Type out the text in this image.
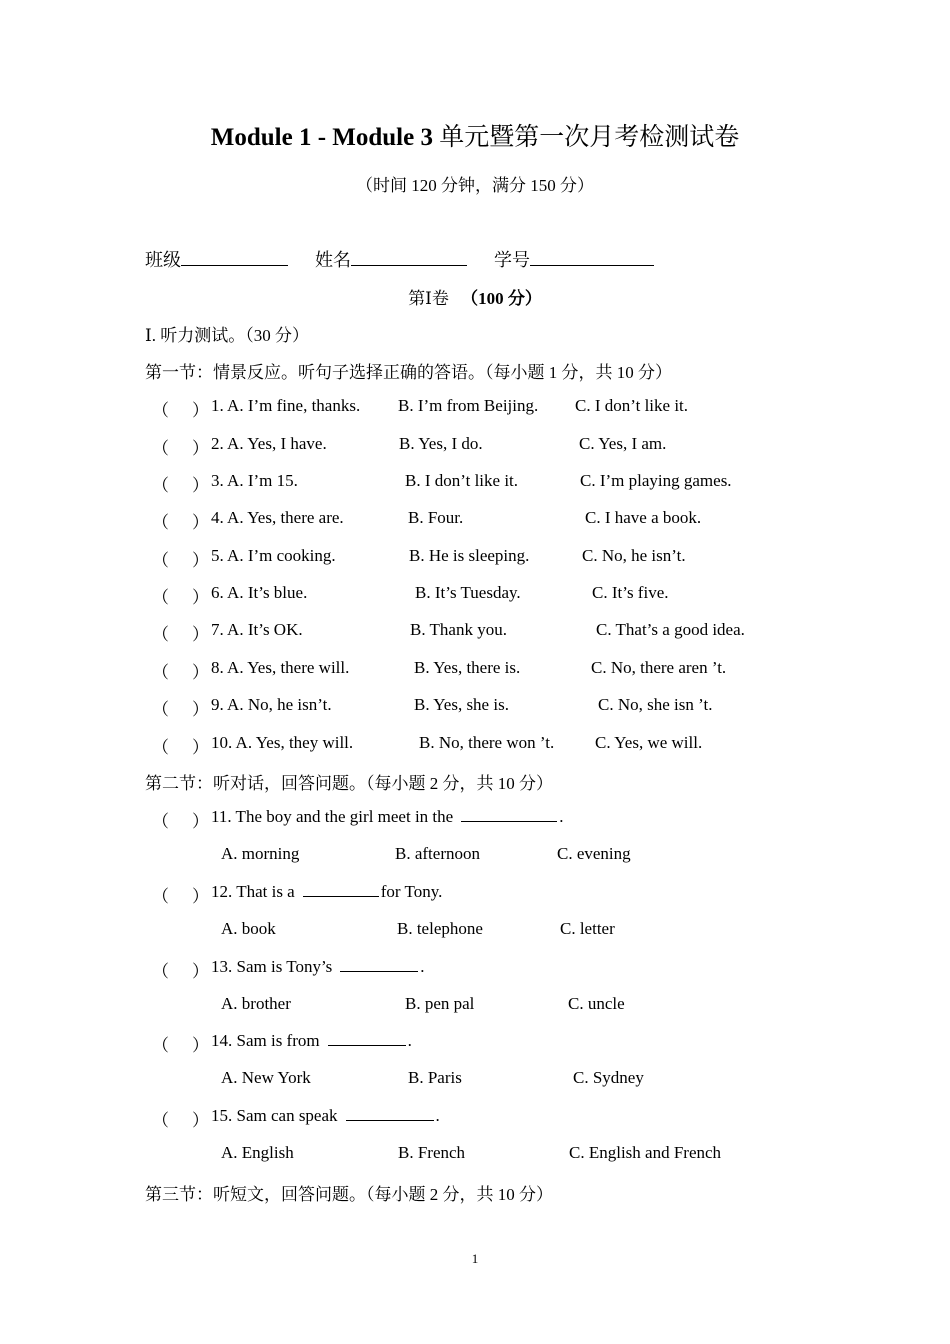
Module 1 - Module 3 单元暨第一次月考检测试卷
（时间 120 分钟，满分 150 分）
班级	姓名	学号
第Ⅰ卷 （100 分）
Ⅰ. 听力测试。（30 分）
第一节：情景反应。听句子选择正确的答语。（每小题 1 分，共 10 分）
（ ） 1. A. I’m fine, thanks. B. I’m from Beijing. C. I don’t like it.
（ ） 2. A. Yes, I have.	B. Yes, I do.	C. Yes, I am.
（ ） 3. A. I’m 15.	B. I don’t like it.	C. I’m playing games.
（ ） 4. A. Yes, there are.	B. Four.	C. I have a book.
（ ） 5. A. I’m cooking.	B. He is sleeping.	C. No, he isn’t.
（ ） 6. A. It’s blue.	B. It’s Tuesday.	C. It’s five.
（ ） 7. A. It’s OK.	B. Thank you.	C. That’s a good idea.
（ ） 8. A. Yes, there will.	B. Yes, there is.	C. No, there aren ’t.
（ ） 9. A. No, he isn’t.	B. Yes, she is.	C. No, she isn ’t.
（ ） 10. A. Yes, they will.	B. No, there won ’t. C. Yes, we will.
第二节：听对话，回答问题。（每小题 2 分，共 10 分）
（ ） 11. The boy and the girl meet in the	.
A. morning	B. afternoon	C. evening
（ ） 12. That is a	for Tony.
A. book	B. telephone	C. letter
（ ） 13. Sam is Tony’s	.
A. brother	B. pen pal	C. uncle
（ ） 14. Sam is from	.
A. New York	B. Paris	C. Sydney
（ ） 15. Sam can speak	.
A. English	B. French	C. English and French
第三节：听短文，回答问题。（每小题 2 分，共 10 分）
1
